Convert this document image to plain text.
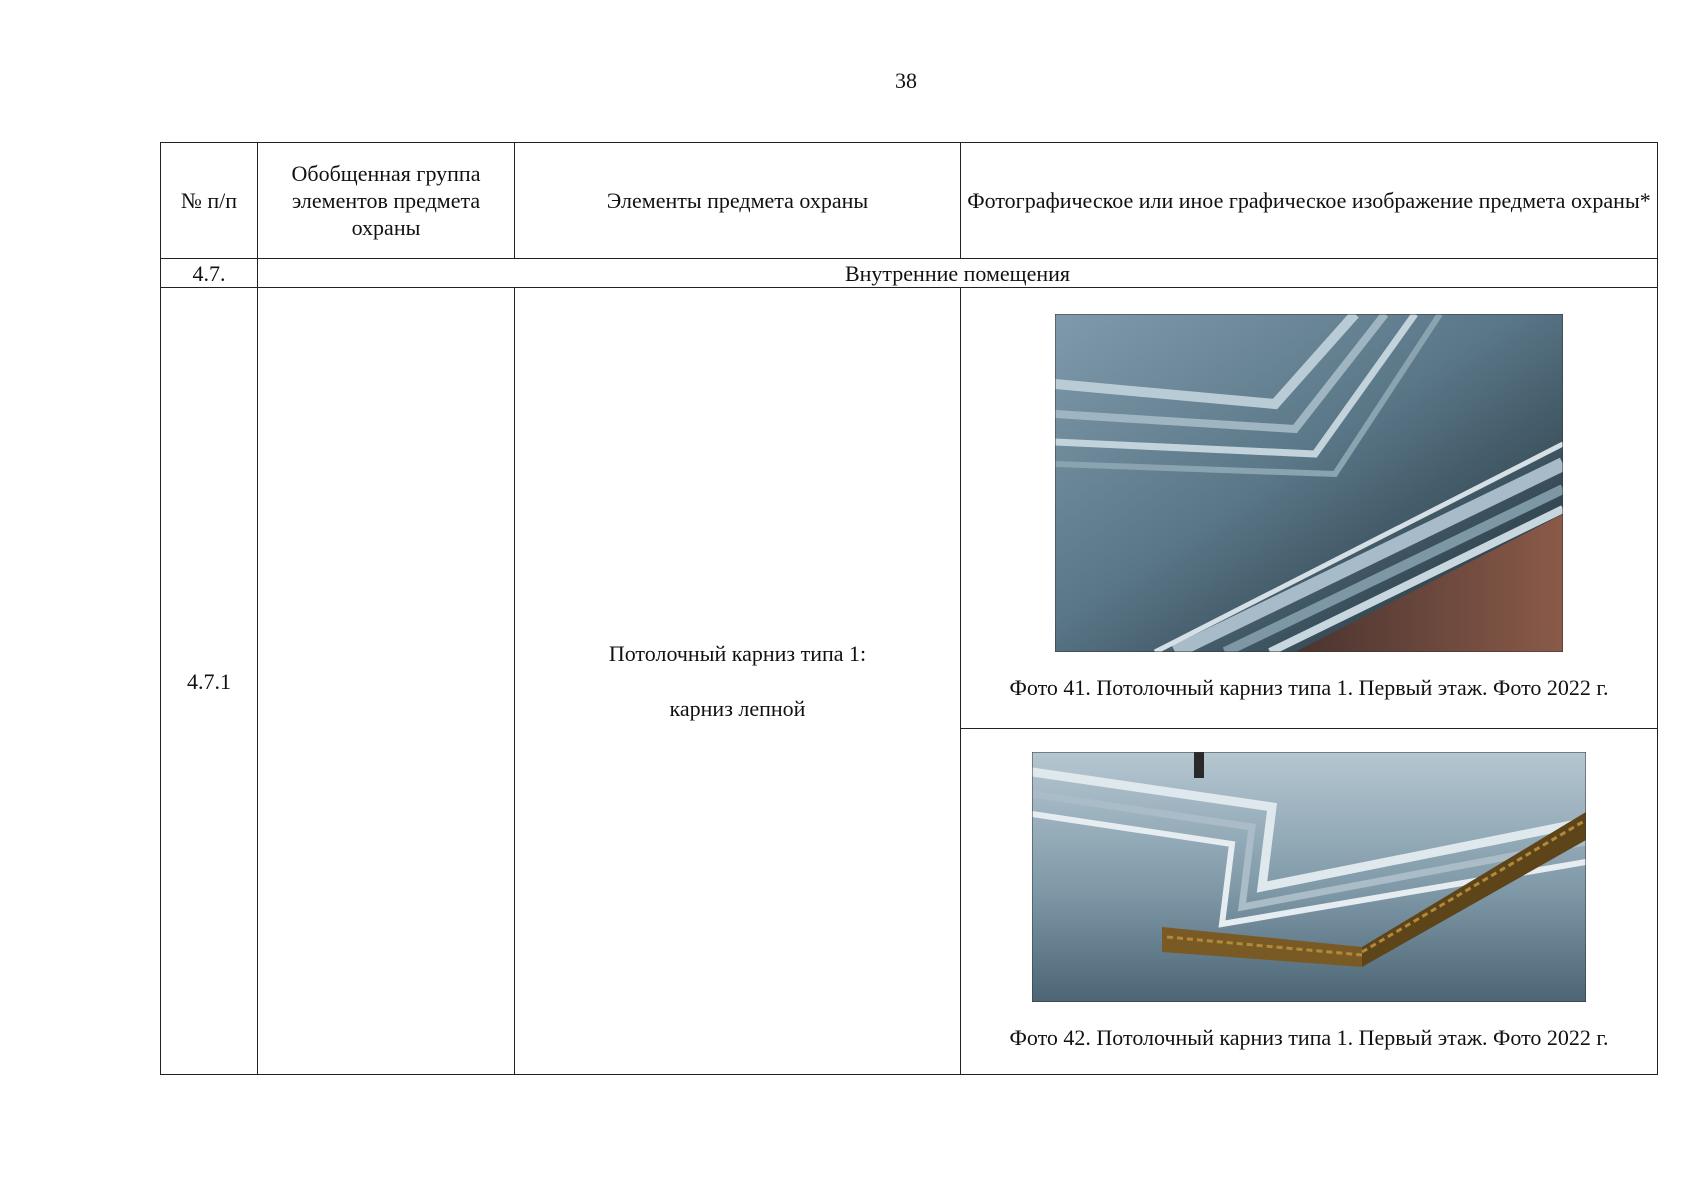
38
№ п/п	Обобщенная группа элементов предмета охраны	Элементы предмета охраны	Фотографическое или иное графическое изображение предмета охраны*
4.7.	Внутренние помещения		
4.7.1		Потолочный карниз типа 1:

карниз лепной	Фото 41. Потолочный карниз типа 1. Первый этаж. Фото 2022 г.

			Фото 42. Потолочный карниз типа 1. Первый этаж. Фото 2022 г.
